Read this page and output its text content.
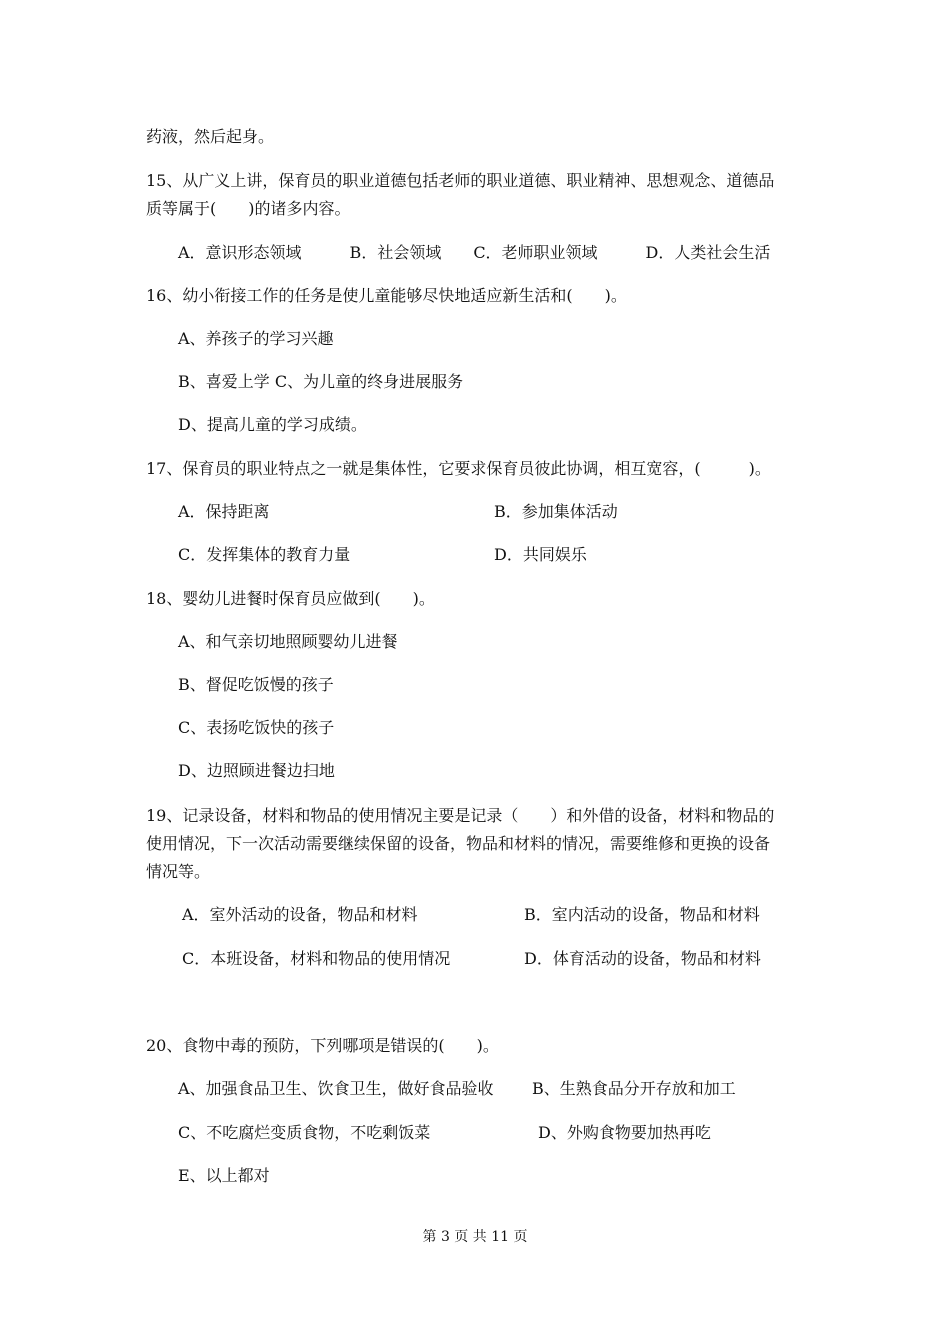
药液，然后起身。
15、从广义上讲，保育员的职业道德包括老师的职业道德、职业精神、思想观念、道德品
质等属于(　　)的诸多内容。
A．意识形态领域　　　B．社会领域　　C．老师职业领域　　　D．人类社会生活
16、幼小衔接工作的任务是使儿童能够尽快地适应新生活和(　　)。
A、养孩子的学习兴趣
B、喜爱上学 C、为儿童的终身进展服务
D、提高儿童的学习成绩。
17、保育员的职业特点之一就是集体性，它要求保育员彼此协调，相互宽容，(　　　)。
A．保持距离	B．参加集体活动
C．发挥集体的教育力量	D．共同娱乐
18、婴幼儿进餐时保育员应做到(　　)。
A、和气亲切地照顾婴幼儿进餐
B、督促吃饭慢的孩子
C、表扬吃饭快的孩子
D、边照顾进餐边扫地
19、记录设备，材料和物品的使用情况主要是记录（　　）和外借的设备，材料和物品的
使用情况，下一次活动需要继续保留的设备，物品和材料的情况，需要维修和更换的设备
情况等。
A．室外活动的设备，物品和材料	B．室内活动的设备，物品和材料
C．本班设备，材料和物品的使用情况	D．体育活动的设备，物品和材料
20、食物中毒的预防，下列哪项是错误的(　　)。
A、加强食品卫生、饮食卫生，做好食品验收 B、生熟食品分开存放和加工
C、不吃腐烂变质食物，不吃剩饭菜	D、外购食物要加热再吃
E、以上都对
第 3 页 共 11 页
